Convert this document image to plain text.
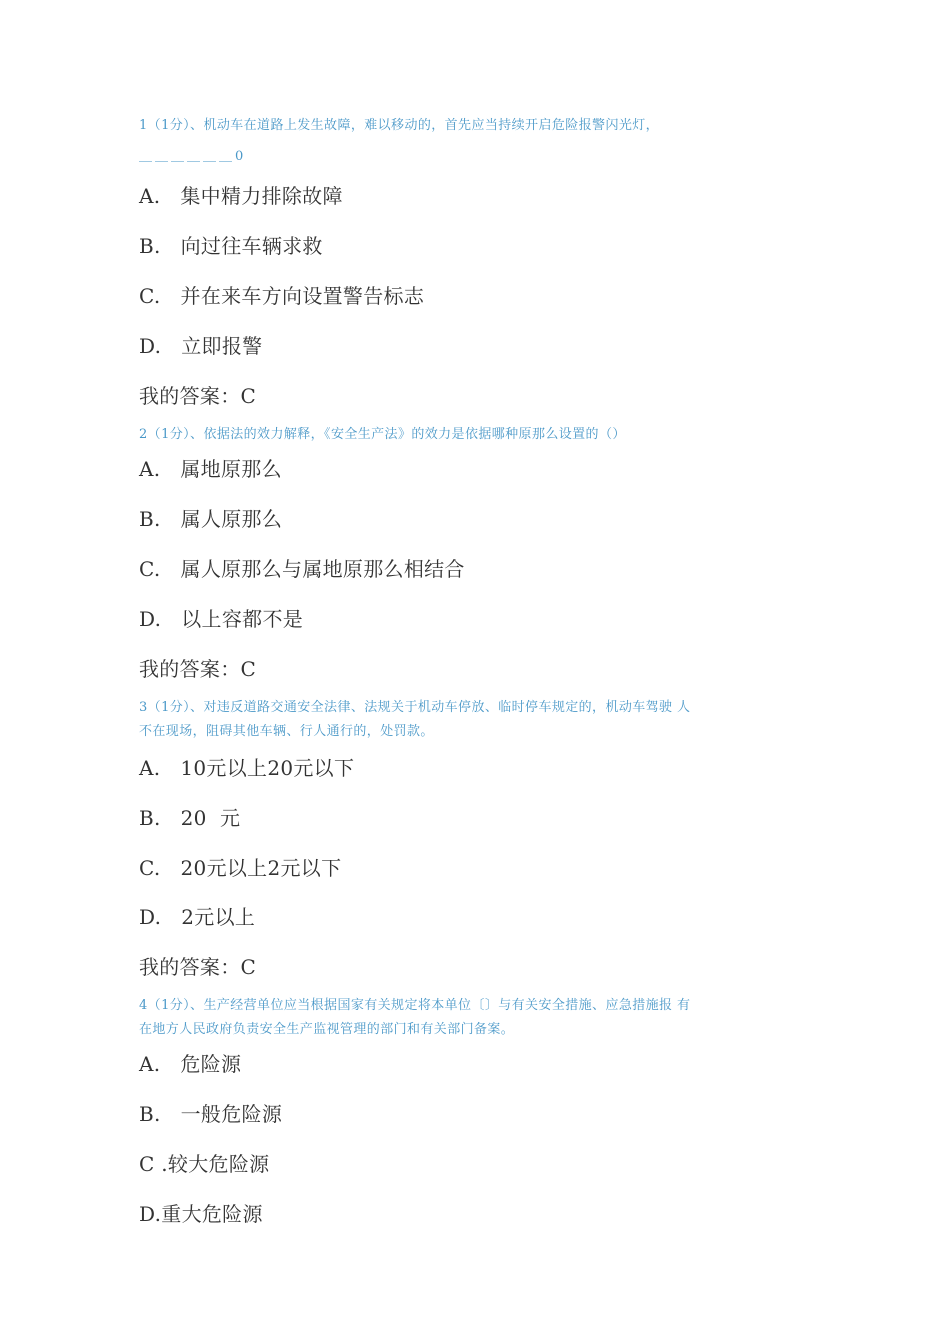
1（1分）、机动车在道路上发生故障，难以移动的，首先应当持续开启危险报警闪光灯，
＿＿＿＿＿＿0
A.   集中精力排除故障
B.   向过往车辆求救
C.   并在来车方向设置警告标志
D.   立即报警
我的答案：C
2（1分）、依据法的效力解释，《安全生产法》的效力是依据哪种原那么设置的（）
A.   属地原那么
B.   属人原那么
C.   属人原那么与属地原那么相结合
D.   以上容都不是
我的答案：C
3（1分）、对违反道路交通安全法律、法规关于机动车停放、临时停车规定的，机动车驾驶 人
不在现场，阻碍其他车辆、行人通行的，处罚款。
A.   10元以上20元以下
B.   20  元
C.   20元以上2元以下
D.   2元以上
我的答案：C
4（1分）、生产经营单位应当根据国家有关规定将本单位〔〕与有关安全措施、应急措施报 有
在地方人民政府负责安全生产监视管理的部门和有关部门备案。
A.   危险源
B.   一般危险源
C .较大危险源
D.重大危险源
